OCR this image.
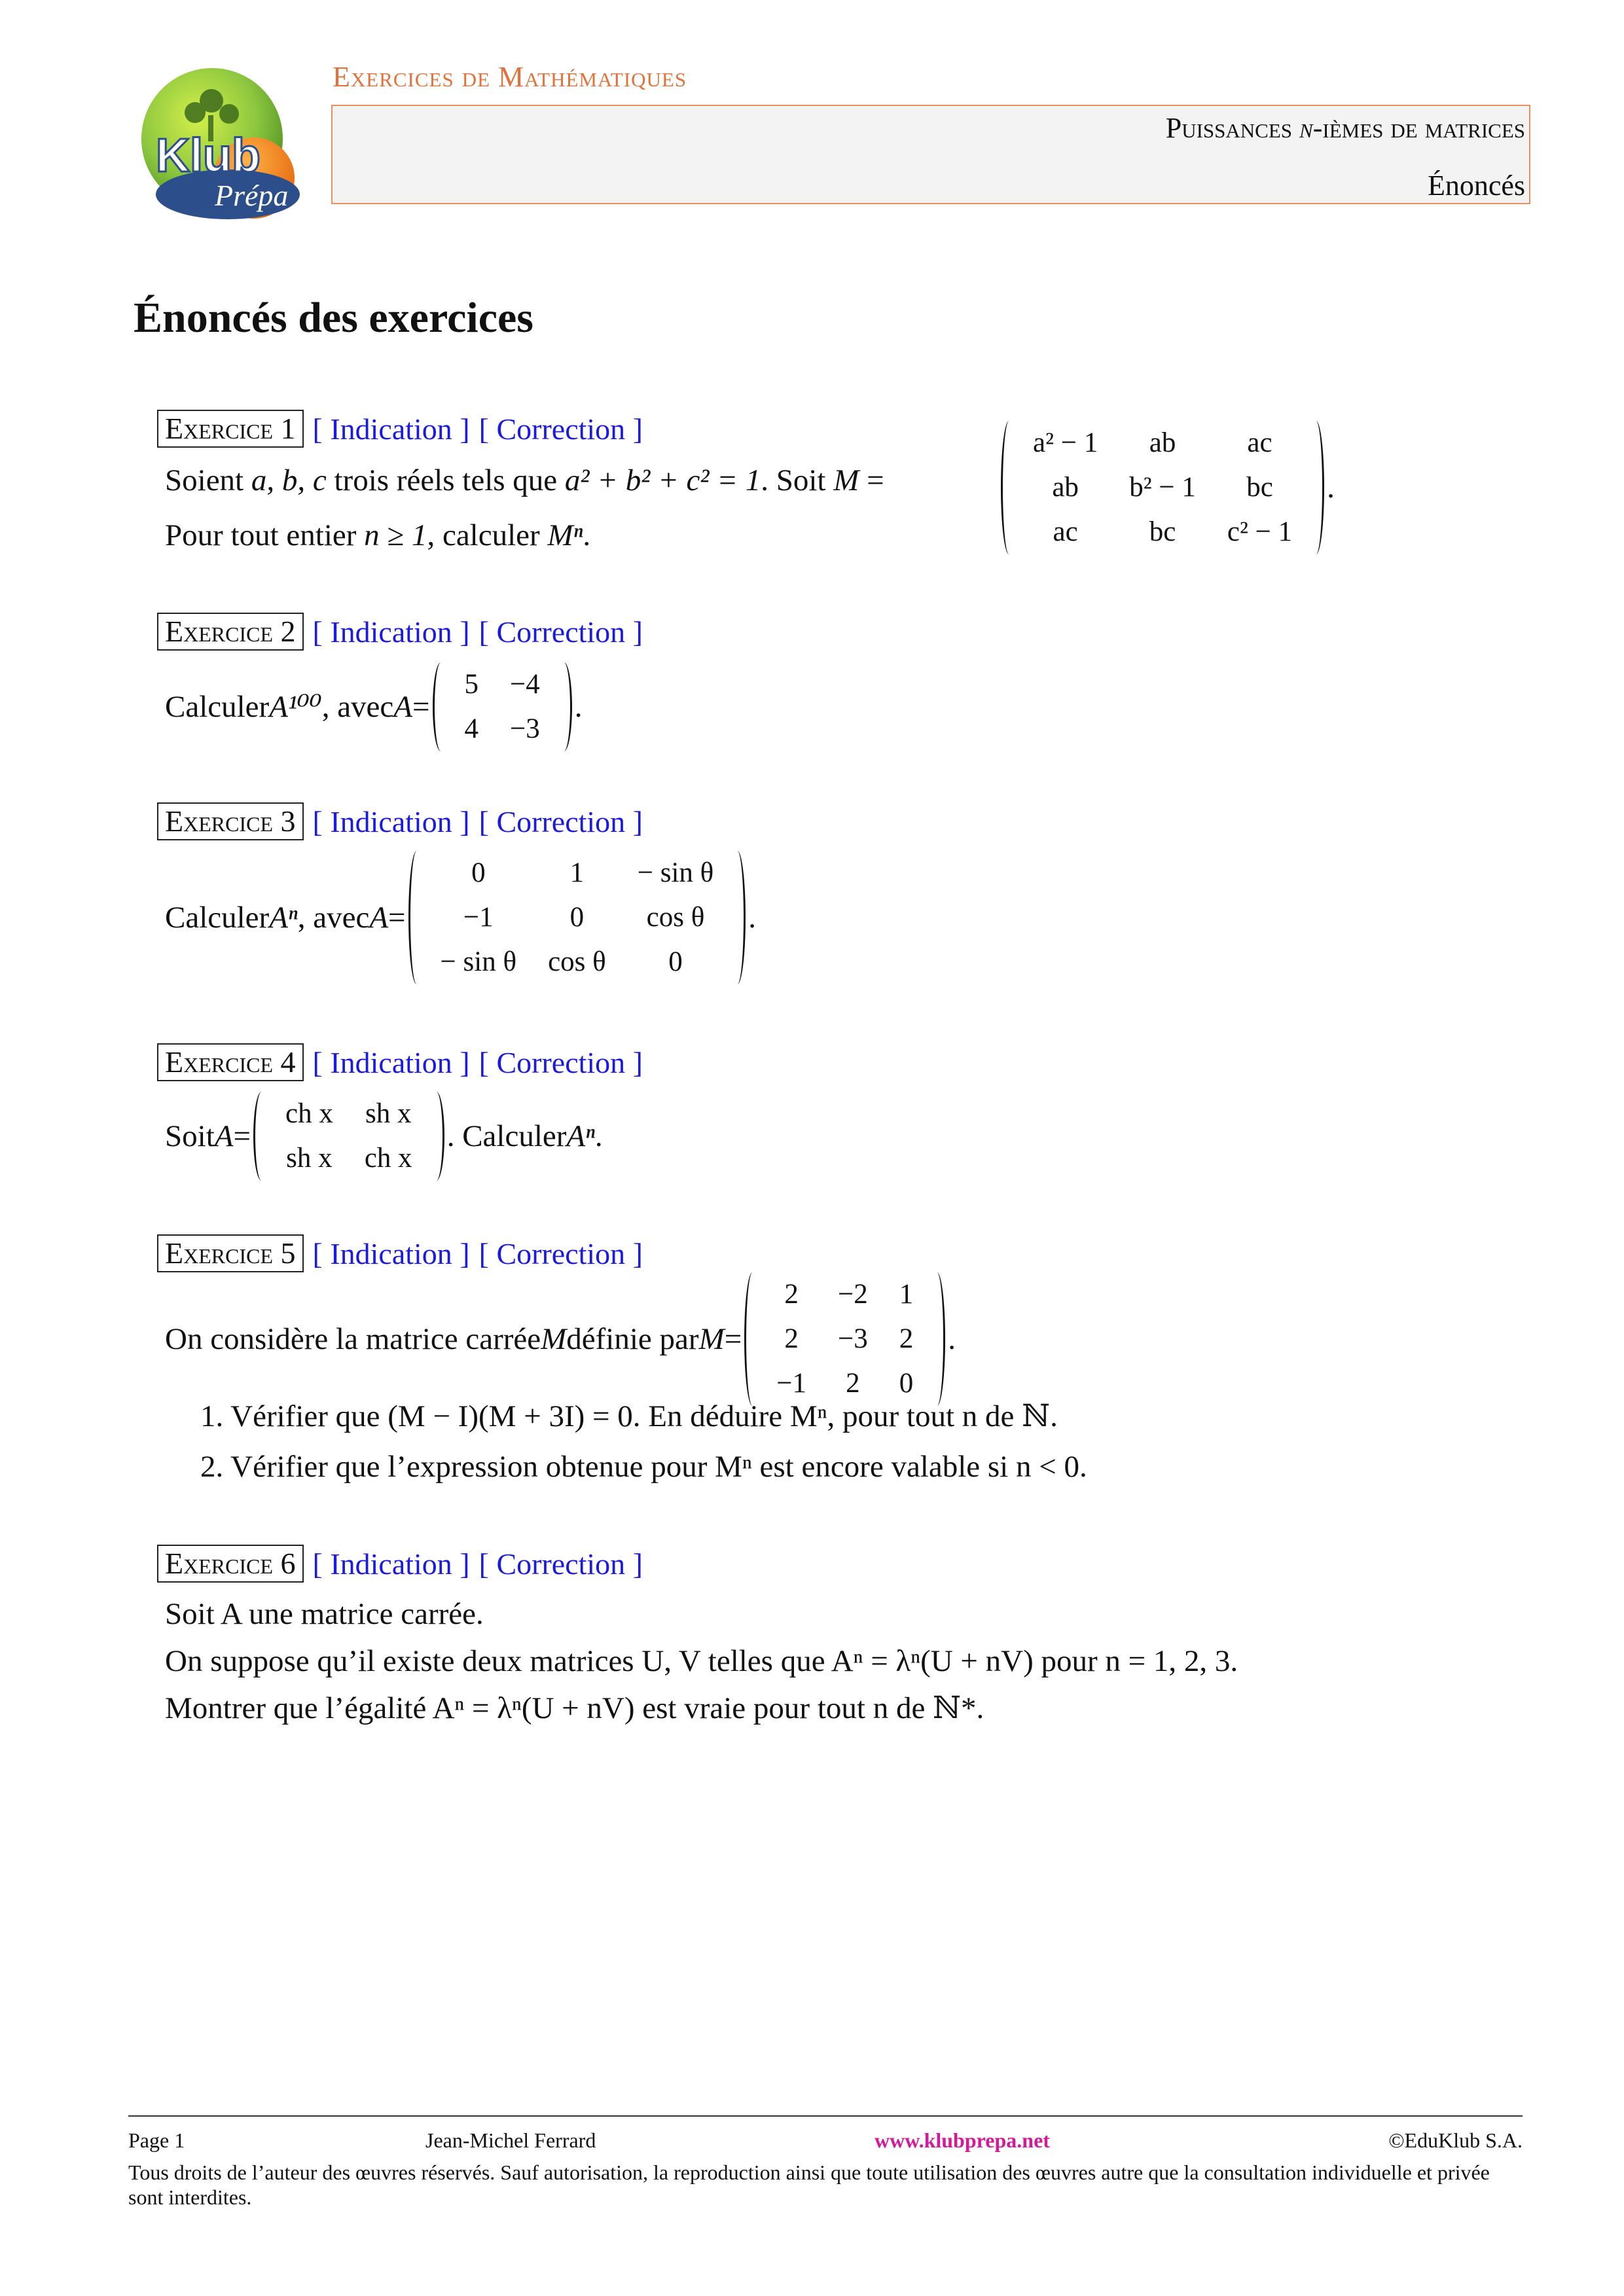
Klub
Prépa
Exercices de Mathématiques
Puissances n-ièmes de matrices
Énoncés
Énoncés des exercices
Exercice 1 [ Indication ] [ Correction ]
Soient a, b, c trois réels tels que a² + b² + c² = 1. Soit M =
a² − 1	ab	ac
ab	b² − 1	bc
ac	bc	c² − 1
.
Pour tout entier n ≥ 1, calculer Mⁿ.
Exercice 2 [ Indication ] [ Correction ]
Calculer A¹⁰⁰ , avec A =
5	−4
4	−3
.
Exercice 3 [ Indication ] [ Correction ]
Calculer Aⁿ , avec A =
0	1	− sin θ
−1	0	cos θ
− sin θ	cos θ	0
.
Exercice 4 [ Indication ] [ Correction ]
Soit A =
ch x	sh x
sh x	ch x
. Calculer Aⁿ .
Exercice 5 [ Indication ] [ Correction ]
On considère la matrice carrée M définie par M =
2	−2	1
2	−3	2
−1	2	0
.
1. Vérifier que (M − I)(M + 3I) = 0. En déduire Mⁿ, pour tout n de ℕ.
2. Vérifier que l’expression obtenue pour Mⁿ est encore valable si n < 0.
Exercice 6 [ Indication ] [ Correction ]
Soit A une matrice carrée.
On suppose qu’il existe deux matrices U, V telles que Aⁿ = λⁿ(U + nV) pour n = 1, 2, 3.
Montrer que l’égalité Aⁿ = λⁿ(U + nV) est vraie pour tout n de ℕ*.
Page 1	Jean-Michel Ferrard	www.klubprepa.net	©EduKlub S.A.
Tous droits de l’auteur des œuvres réservés. Sauf autorisation, la reproduction ainsi que toute utilisation des œuvres autre que la consultation individuelle et privée sont interdites.
